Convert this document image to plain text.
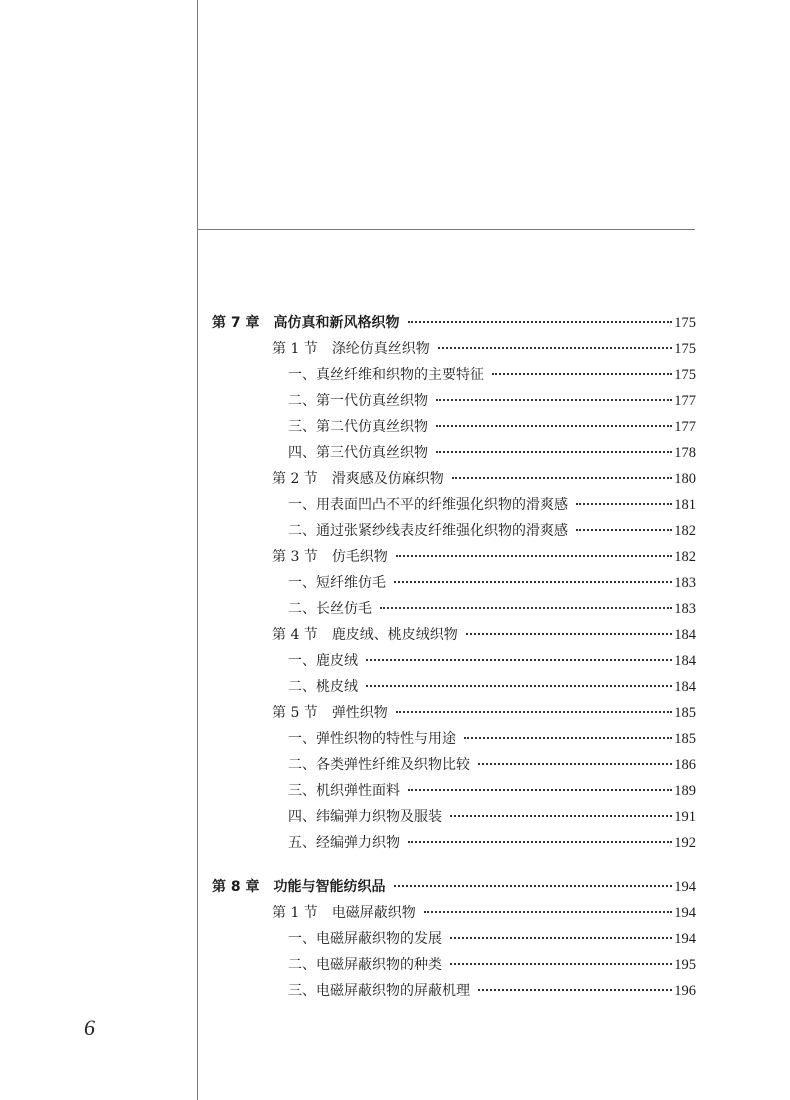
第 7 章 高仿真和新风格织物	175
第 1 节 涤纶仿真丝织物	175
一、真丝纤维和织物的主要特征	175
二、第一代仿真丝织物	177
三、第二代仿真丝织物	177
四、第三代仿真丝织物	178
第 2 节 滑爽感及仿麻织物	180
一、用表面凹凸不平的纤维强化织物的滑爽感	181
二、通过张紧纱线表皮纤维强化织物的滑爽感	182
第 3 节 仿毛织物	182
一、短纤维仿毛	183
二、长丝仿毛	183
第 4 节 鹿皮绒、桃皮绒织物	184
一、鹿皮绒	184
二、桃皮绒	184
第 5 节 弹性织物	185
一、弹性织物的特性与用途	185
二、各类弹性纤维及织物比较	186
三、机织弹性面料	189
四、纬编弹力织物及服装	191
五、经编弹力织物	192
第 8 章 功能与智能纺织品	194
第 1 节 电磁屏蔽织物	194
一、电磁屏蔽织物的发展	194
二、电磁屏蔽织物的种类	195
三、电磁屏蔽织物的屏蔽机理	196
6
